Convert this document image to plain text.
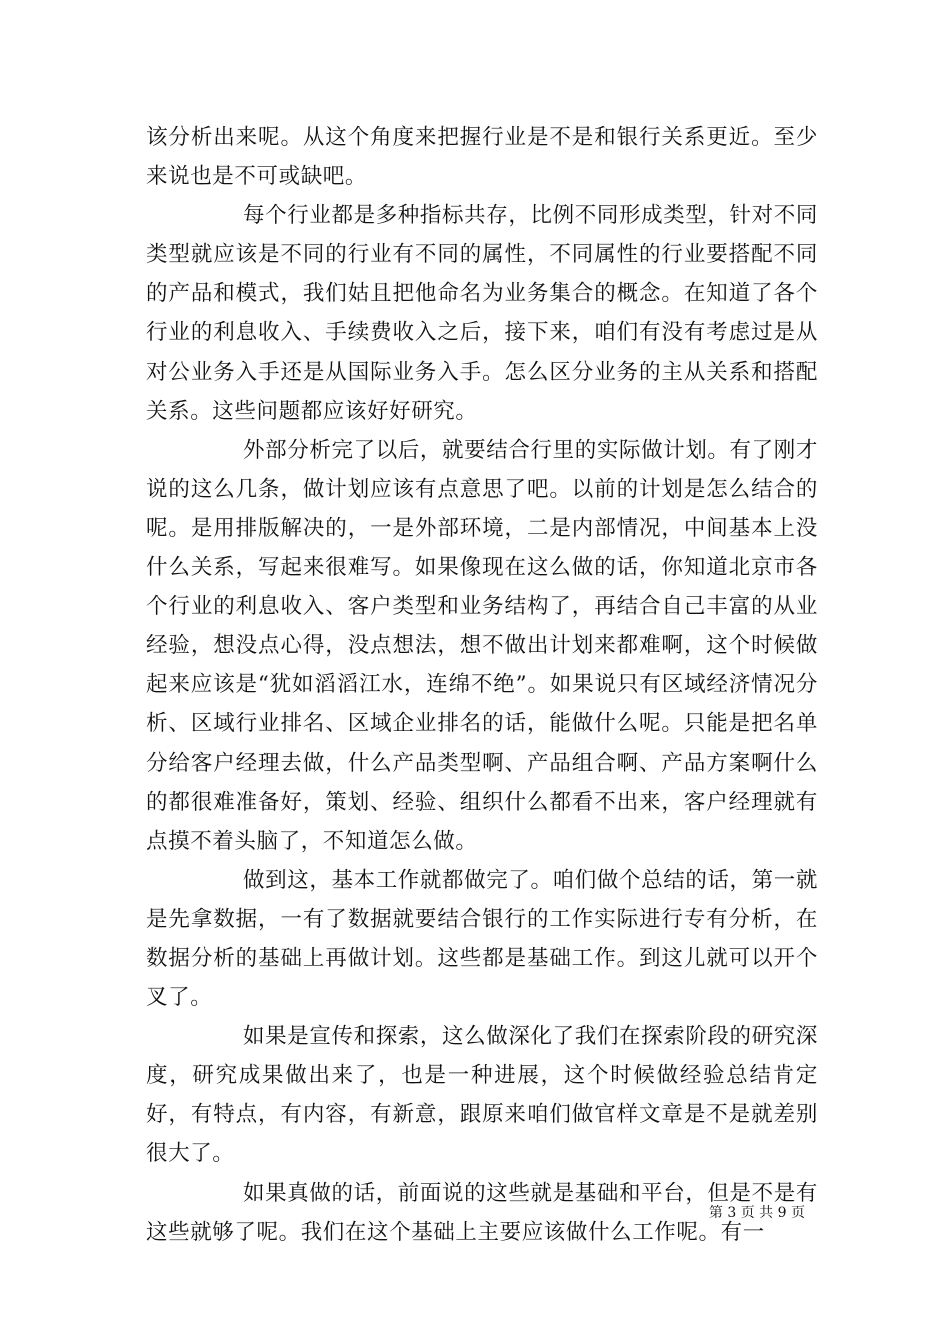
该分析出来呢。从这个角度来把握行业是不是和银行关系更近。至少来说也是不可或缺吧。

每个行业都是多种指标共存，比例不同形成类型，针对不同类型就应该是不同的行业有不同的属性，不同属性的行业要搭配不同的产品和模式，我们姑且把他命名为业务集合的概念。在知道了各个行业的利息收入、手续费收入之后，接下来，咱们有没有考虑过是从对公业务入手还是从国际业务入手。怎么区分业务的主从关系和搭配关系。这些问题都应该好好研究。

外部分析完了以后，就要结合行里的实际做计划。有了刚才说的这么几条，做计划应该有点意思了吧。以前的计划是怎么结合的呢。是用排版解决的，一是外部环境，二是内部情况，中间基本上没什么关系，写起来很难写。如果像现在这么做的话，你知道北京市各个行业的利息收入、客户类型和业务结构了，再结合自己丰富的从业经验，想没点心得，没点想法，想不做出计划来都难啊，这个时候做起来应该是“犹如滔滔江水，连绵不绝”。如果说只有区域经济情况分析、区域行业排名、区域企业排名的话，能做什么呢。只能是把名单分给客户经理去做，什么产品类型啊、产品组合啊、产品方案啊什么的都很难准备好，策划、经验、组织什么都看不出来，客户经理就有点摸不着头脑了，不知道怎么做。

做到这，基本工作就都做完了。咱们做个总结的话，第一就是先拿数据，一有了数据就要结合银行的工作实际进行专有分析，在数据分析的基础上再做计划。这些都是基础工作。到这儿就可以开个叉了。

如果是宣传和探索，这么做深化了我们在探索阶段的研究深度，研究成果做出来了，也是一种进展，这个时候做经验总结肯定好，有特点，有内容，有新意，跟原来咱们做官样文章是不是就差别很大了。

如果真做的话，前面说的这些就是基础和平台，但是不是有这些就够了呢。我们在这个基础上主要应该做什么工作呢。有一

第 3 页 共 9 页
